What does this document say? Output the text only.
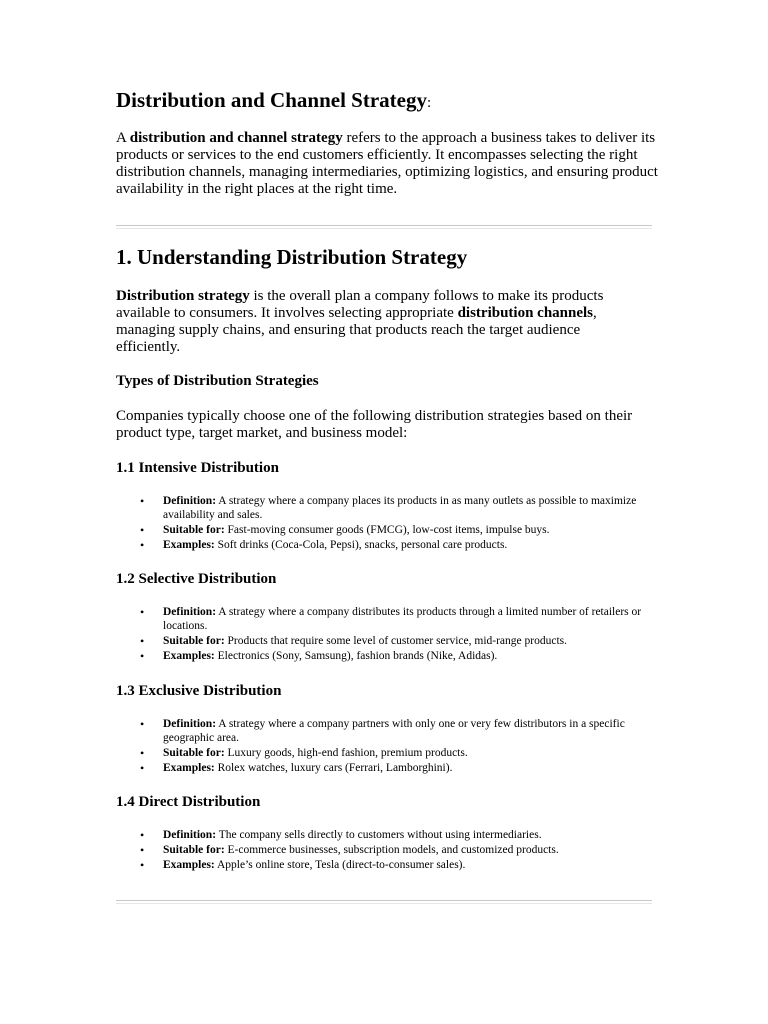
Distribution and Channel Strategy:

A distribution and channel strategy refers to the approach a business takes to deliver its products or services to the end customers efficiently. It encompasses selecting the right distribution channels, managing intermediaries, optimizing logistics, and ensuring product availability in the right places at the right time.

1. Understanding Distribution Strategy

Distribution strategy is the overall plan a company follows to make its products available to consumers. It involves selecting appropriate distribution channels, managing supply chains, and ensuring that products reach the target audience efficiently.

Types of Distribution Strategies

Companies typically choose one of the following distribution strategies based on their product type, target market, and business model:

1.1 Intensive Distribution
• Definition: A strategy where a company places its products in as many outlets as possible to maximize availability and sales.
• Suitable for: Fast-moving consumer goods (FMCG), low-cost items, impulse buys.
• Examples: Soft drinks (Coca-Cola, Pepsi), snacks, personal care products.
1.2 Selective Distribution
• Definition: A strategy where a company distributes its products through a limited number of retailers or locations.
• Suitable for: Products that require some level of customer service, mid-range products.
• Examples: Electronics (Sony, Samsung), fashion brands (Nike, Adidas).
1.3 Exclusive Distribution
• Definition: A strategy where a company partners with only one or very few distributors in a specific geographic area.
• Suitable for: Luxury goods, high-end fashion, premium products.
• Examples: Rolex watches, luxury cars (Ferrari, Lamborghini).
1.4 Direct Distribution
• Definition: The company sells directly to customers without using intermediaries.
• Suitable for: E-commerce businesses, subscription models, and customized products.
• Examples: Apple’s online store, Tesla (direct-to-consumer sales).
